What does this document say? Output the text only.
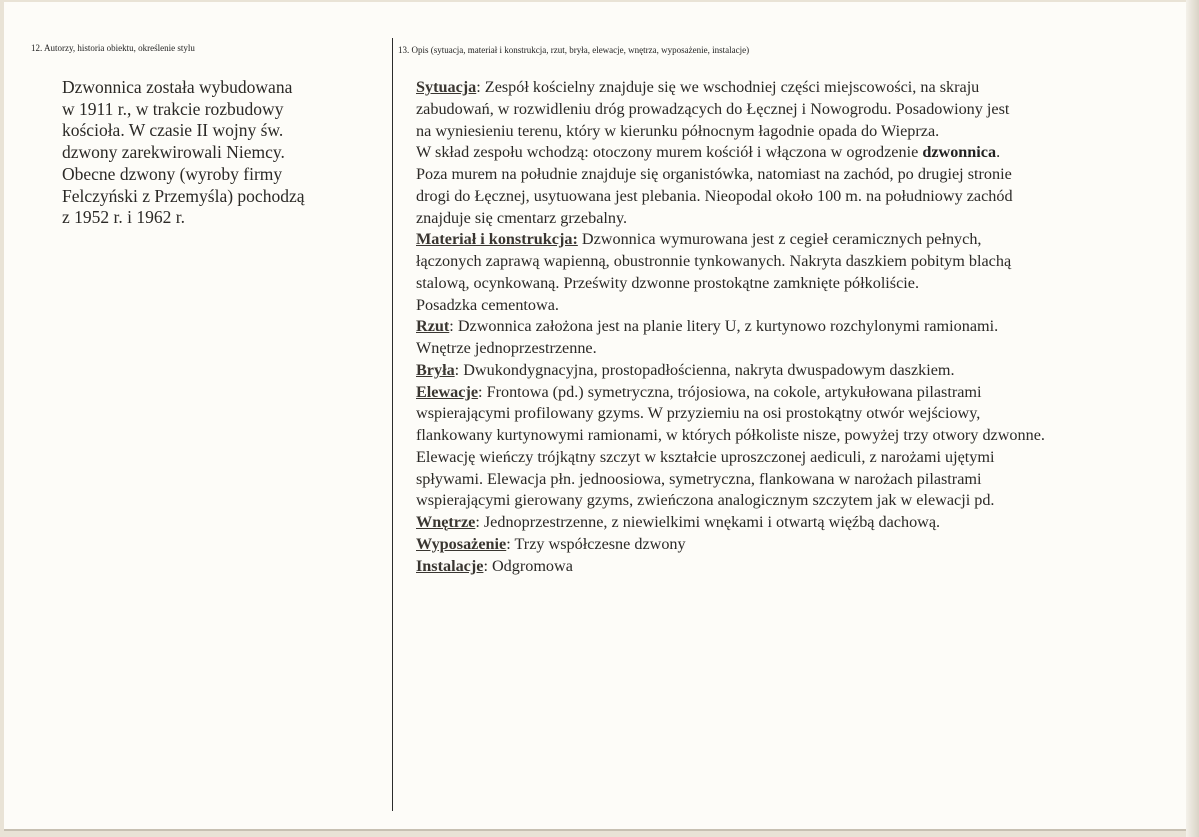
12. Autorzy, historia obiektu, określenie stylu	13. Opis (sytuacja, materiał i konstrukcja, rzut, bryła, elewacje, wnętrza, wyposażenie, instalacje)
Dzwonnica została wybudowana
w 1911 r., w trakcie rozbudowy
kościoła. W czasie II wojny św.
dzwony zarekwirowali Niemcy.
Obecne dzwony (wyroby firmy
Felczyński z Przemyśla) pochodzą
z 1952 r. i 1962 r.
Sytuacja: Zespół kościelny znajduje się we wschodniej części miejscowości, na skraju
zabudowań, w rozwidleniu dróg prowadzących do Łęcznej i Nowogrodu. Posadowiony jest
na wyniesieniu terenu, który w kierunku północnym łagodnie opada do Wieprza.
W skład zespołu wchodzą: otoczony murem kościół i włączona w ogrodzenie dzwonnica.
Poza murem na południe znajduje się organistówka, natomiast na zachód, po drugiej stronie
drogi do Łęcznej, usytuowana jest plebania. Nieopodal około 100 m. na południowy zachód
znajduje się cmentarz grzebalny.
Materiał i konstrukcja: Dzwonnica wymurowana jest z cegieł ceramicznych pełnych,
łączonych zaprawą wapienną, obustronnie tynkowanych. Nakryta daszkiem pobitym blachą
stalową, ocynkowaną. Prześwity dzwonne prostokątne zamknięte półkoliście.
Posadzka cementowa.
Rzut: Dzwonnica założona jest na planie litery U, z kurtynowo rozchylonymi ramionami.
Wnętrze jednoprzestrzenne.
Bryła: Dwukondygnacyjna, prostopadłościenna, nakryta dwuspadowym daszkiem.
Elewacje: Frontowa (pd.) symetryczna, trójosiowa, na cokole, artykułowana pilastrami
wspierającymi profilowany gzyms. W przyziemiu na osi prostokątny otwór wejściowy,
flankowany kurtynowymi ramionami, w których półkoliste nisze, powyżej trzy otwory dzwonne.
Elewację wieńczy trójkątny szczyt w kształcie uproszczonej aediculi, z narożami ujętymi
spływami. Elewacja płn. jednoosiowa, symetryczna, flankowana w narożach pilastrami
wspierającymi gierowany gzyms, zwieńczona analogicznym szczytem jak w elewacji pd.
Wnętrze: Jednoprzestrzenne, z niewielkimi wnękami i otwartą więźbą dachową.
Wyposażenie: Trzy współczesne dzwony
Instalacje: Odgromowa
